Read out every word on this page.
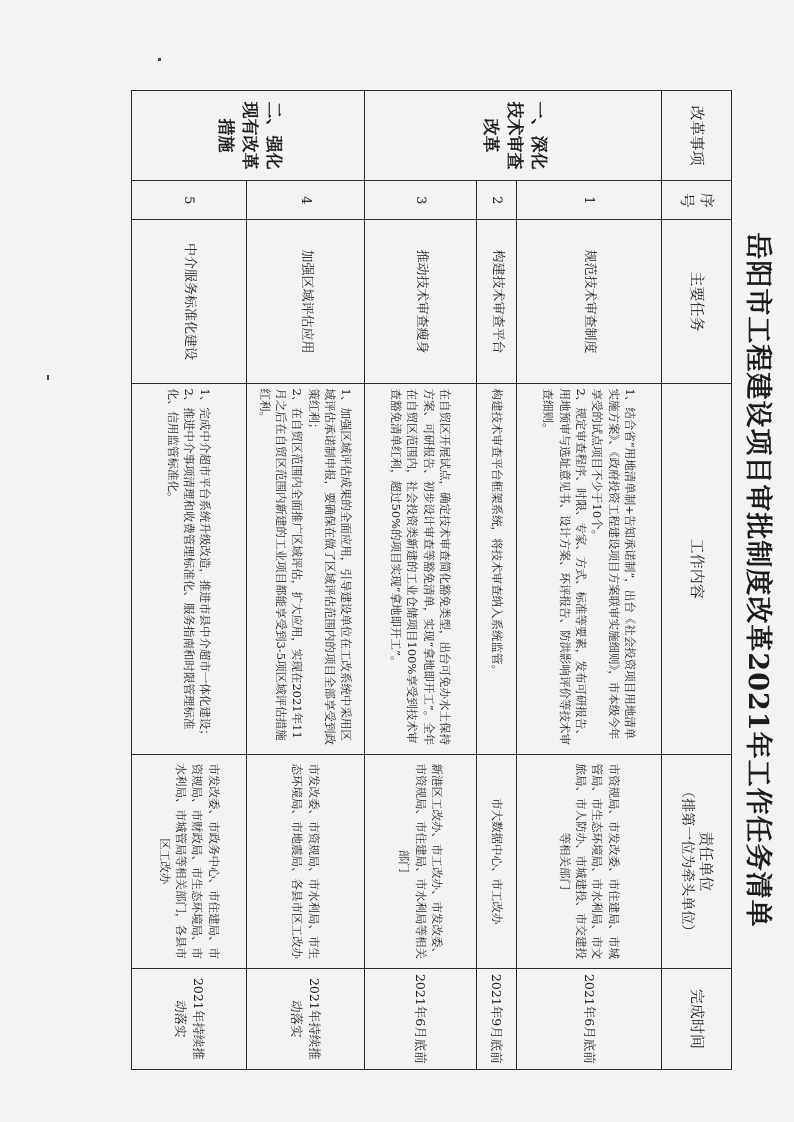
岳阳市工程建设项目审批制度改革2021年工作任务清单
改革事项	序号	主要任务	工作内容	责任单位
（排第一位为牵头单位）	完成时间
一、深化技术审查改革	1	规范技术审查制度	1、结合省“用地清单制+告知承诺制”，出台《社会投资项目用地清单实施方案》、《政府投资工程建设项目方案联审实施细则》，市本级今年享受的试点项目不少于10个。

2、规定审查程序、时限、专家、方式、标准等要素，发布可研报告、用地预审与选址意见书、设计方案、环评报告、防洪影响评价等技术审查细则。	市资规局、市发改委、市住建局、市城管局、市生态环境局、市水利局、市文旅局、市人防办、市城建投、市交建投等相关部门	2021年6月底前
	2	构建技术审查平台	构建技术审查平台框架系统，将技术审查纳入系统监管。	市大数据中心、市工改办	2021年9月底前
	3	推动技术审查瘦身	在自贸区开展试点，确定技术审查简化豁免类型，出台可免办水土保持方案、可研报告、初步设计审查等豁免清单，实现“拿地即开工”。全年在自贸区范围内，社会投资类新建的工业仓储项目100%享受到技术审查豁免清单红利，超过50%的项目实现“拿地即开工”。	新港区工改办、市工改办、市发改委、市资规局、市住建局、市水利局等相关部门	2021年6月底前
二、强化现有改革措施	4	加强区域评估应用	1、加强区域评估成果的全面应用，引导建设单位在工改系统中采用区域评估承诺制申报，要确保在做了区域评估范围内的项目全部享受到政策红利；

2、在自贸区范围内全面推广区域评估，扩大应用，实现在2021年11月之后在自贸区范围内新建的工业项目都能享受到3-5项区域评估措施红利。	市发改委、市资规局、市水利局、市生态环境局、市地震局、各县市区工改办	2021年持续推动落实
	5	中介服务标准化建设	1、完成中介超市平台系统升级改造，推进市县中介超市一体化建设；

2、推进中介事项清理和收费管理标准化、服务指南和时限管理标准化、信用监管标准化。	市发改委、市政务中心、市住建局、市资规局、市财政局、市生态环境局、市水利局、市城管局等相关部门，各县市区工改办	2021年持续推动落实
